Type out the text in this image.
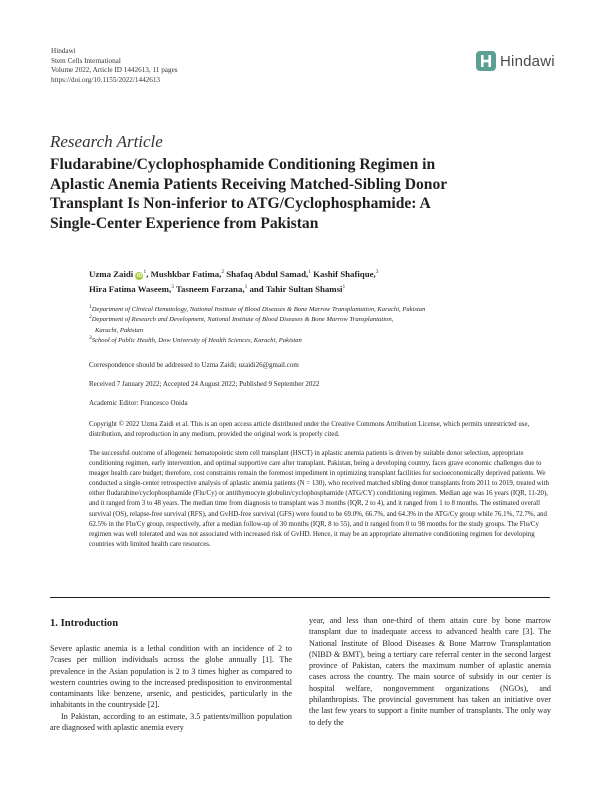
Hindawi
Stem Cells International
Volume 2022, Article ID 1442613, 11 pages
https://doi.org/10.1155/2022/1442613
Hindawi
Research Article
Fludarabine/Cyclophosphamide Conditioning Regimen in
Aplastic Anemia Patients Receiving Matched-Sibling Donor
Transplant Is Non-inferior to ATG/Cyclophosphamide: A
Single-Center Experience from Pakistan
Uzma Zaidi $iD^1$, Mushkbar Fatima,$^2$ Shafaq Abdul Samad,$^1$ Kashif Shafique,$^3$
Hira Fatima Waseem,$^3$ Tasneem Farzana,$^1$ and Tahir Sultan Shamsi$^1$
$^1$Department of Clinical Hematology, National Institute of Blood Diseases & Bone Marrow Transplantation, Karachi, Pakistan
$^2$Department of Research and Development, National Institute of Blood Diseases & Bone Marrow Transplantation,
Karachi, Pakistan
$^3$School of Public Health, Dow University of Health Sciences, Karachi, Pakistan
Correspondence should be addressed to Uzma Zaidi; uzaidi26@gmail.com
Received 7 January 2022; Accepted 24 August 2022; Published 9 September 2022
Academic Editor: Francesco Onida
Copyright © 2022 Uzma Zaidi et al. This is an open access article distributed under the Creative Commons Attribution License, which permits unrestricted use, distribution, and reproduction in any medium, provided the original work is properly cited.
The successful outcome of allogeneic hematopoietic stem cell transplant (HSCT) in aplastic anemia patients is driven by suitable donor selection, appropriate conditioning regimen, early intervention, and optimal supportive care after transplant. Pakistan, being a developing country, faces grave economic challenges due to meager health care budget; therefore, cost constraints remain the foremost impediment in optimizing transplant facilities for socioeconomically deprived patients. We conducted a single-center retrospective analysis of aplastic anemia patients (N = 130), who received matched sibling donor transplants from 2011 to 2019, treated with either fludarabine/cyclophosphamide (Flu/Cy) or antithymocyte globulin/cyclophosphamide (ATG/CY) conditioning regimen. Median age was 16 years (IQR, 11-20), and it ranged from 3 to 48 years. The median time from diagnosis to transplant was 3 months (IQR, 2 to 4), and it ranged from 1 to 8 months. The estimated overall survival (OS), relapse-free survival (RFS), and GvHD-free survival (GFS) were found to be 69.0%, 66.7%, and 64.3% in the ATG/Cy group while 76.1%, 72.7%, and 62.5% in the Flu/Cy group, respectively, after a median follow-up of 30 months (IQR, 8 to 55), and it ranged from 0 to 98 months for the study groups. The Flu/Cy regimen was well tolerated and was not associated with increased risk of GvHD. Hence, it may be an appropriate alternative conditioning regimen for developing countries with limited health care resources.
1. Introduction

Severe aplastic anemia is a lethal condition with an incidence of 2 to 7cases per million individuals across the globe annually [1]. The prevalence in the Asian population is 2 to 3 times higher as compared to western countries owing to the increased predisposition to environmental contaminants like benzene, arsenic, and pesticides, particularly in the inhabitants in the countryside [2].

In Pakistan, according to an estimate, 3.5 patients/million population are diagnosed with aplastic anemia every

year, and less than one-third of them attain cure by bone marrow transplant due to inadequate access to advanced health care [3]. The National Institute of Blood Diseases & Bone Marrow Transplantation (NIBD & BMT), being a tertiary care referral center in the second largest province of Pakistan, caters the maximum number of aplastic anemia cases across the country. The main source of subsidy in our center is hospital welfare, nongovernment organizations (NGOs), and philanthropists. The provincial government has taken an initiative over the last few years to support a finite number of transplants. The only way to defy the
